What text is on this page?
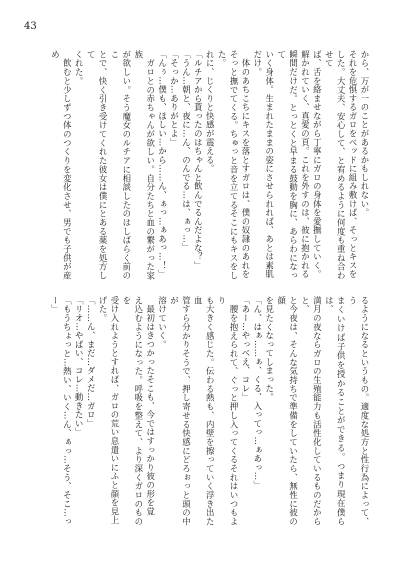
43

から、万が一のことがあるかもしれない。

それを危惧するガロをベッドに組み敷けば、そっとキスを

した。大丈夫、安心して、と宥めるように何度も重ね合わせて

ば、舌を絡ませながら丁寧にガロの身体を愛撫していく。

解かれていく、真愛の頁。これを外すのは、彼に抱かれる

瞬間だけだ。とっとくと早まる鼓動を胸に、あらわになって

いく身体。生まれたままの姿にさせられれば、あとは素肌

だけ。

　体のあちこちにキスを落とすガロは、僕の奴隷のあれを

そっと撫でてくる。ちゅっと音を立てるそこにもキスをした。

れに、じくりと快感が震える。

「ルチアから貰ったのはちゃんと飲んでるんだよな？」

「うん…朝と、夜に…ん、のんでる…は、ぁっ…」

「そっか…ありがとよ」

「んぅ…僕も、ほしい…から……ん、ぁっ…ぁあっ…！」

　ガロとの赤ちゃんが欲しい。自分たちと血の繋がった家族

が欲しい。そう魔女のルチアに相談したのはしばらく前のこ

とで、快く引き受けてくれた彼女は僕にとある薬を処方して

くれた。

　飲むと少しずつ体のつくりを変化させ、男でも子供が産め

るようになるというもの。適度な処方と性行為によって、う

まくいけば子供を授かることができる。つまり現在僕らは、

満月の夜ならガロの生殖能力も活性化しているものだからと、

と今夜は、そんな気持ちで準備をしていたら、無性に彼の顔

を見たくなってしまった。

「ん、はぁ……ぁ、くる、入ってっ…ぁあっ…」

「あー…やっべえ、コレ」

　腰を抱えられて、ぐっと押し入ってくるそれはいつもより

も大きく感じた。伝わる熱も、内壁を擦っていく浮き出た血

管すら分かりそうで、押し寄せる快感にどろぉっと頭の中が

溶けていく。

　最初はきつかったそこも、今ではすっかり彼の形を覚

え込むようになった。呼吸を整えて、より深くガロのものを

受け入れようとすれば、ガロの荒い息遣いにふと顔を見上

げた。

「……ん、まだ…ダメだ…ガロ」

「リオ…やばい、コレ…動きたい」

「もうちょっと…熱い、いく…ん、ぁっ…そう、そこ…っー」
